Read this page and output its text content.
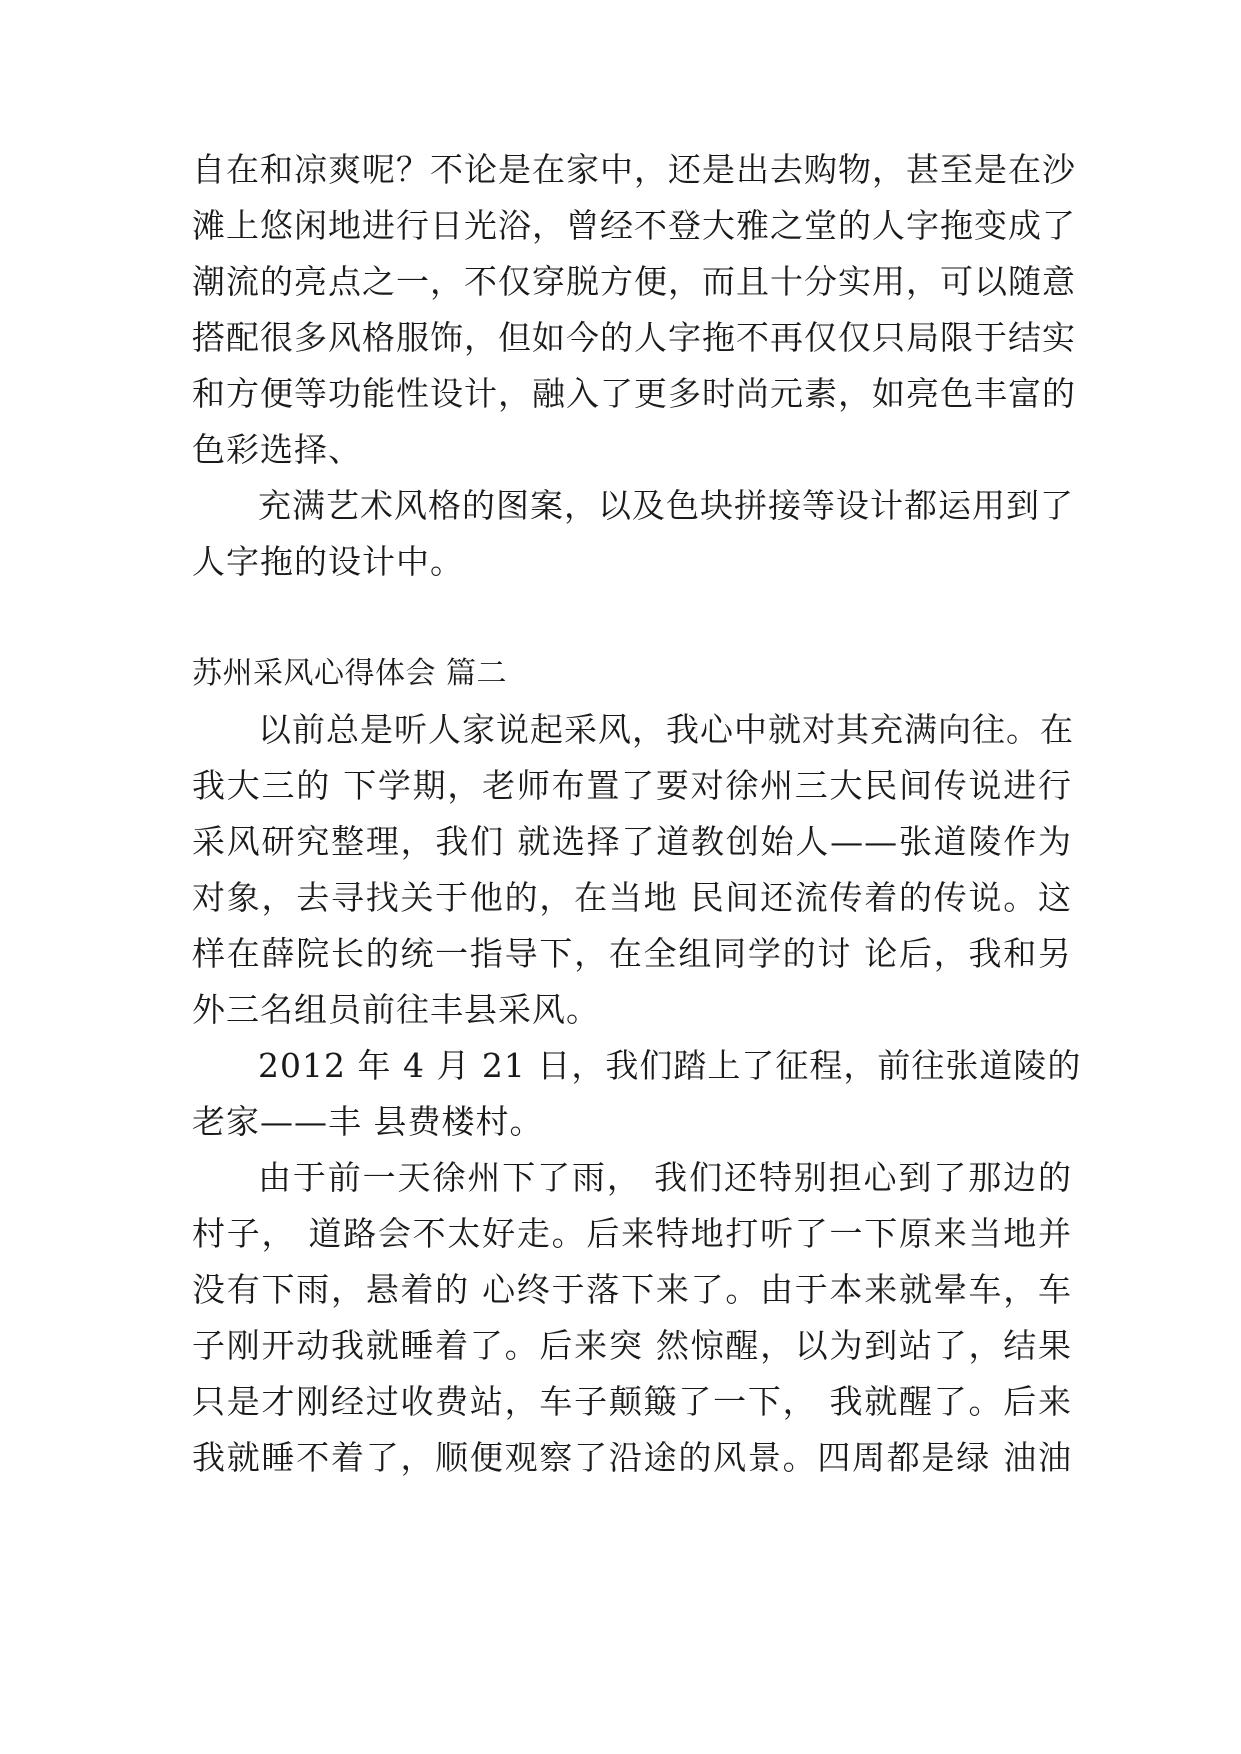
自在和凉爽呢？不论是在家中，还是出去购物，甚至是在沙
滩上悠闲地进行日光浴，曾经不登大雅之堂的人字拖变成了
潮流的亮点之一，不仅穿脱方便，而且十分实用，可以随意
搭配很多风格服饰，但如今的人字拖不再仅仅只局限于结实
和方便等功能性设计，融入了更多时尚元素，如亮色丰富的
色彩选择、
充满艺术风格的图案，以及色块拼接等设计都运用到了
人字拖的设计中。
苏州采风心得体会 篇二
以前总是听人家说起采风，我心中就对其充满向往。在
我大三的 下学期，老师布置了要对徐州三大民间传说进行
采风研究整理，我们 就选择了道教创始人——张道陵作为
对象，去寻找关于他的，在当地 民间还流传着的传说。这
样在薛院长的统一指导下，在全组同学的讨 论后，我和另
外三名组员前往丰县采风。
2012 年 4 月 21 日，我们踏上了征程，前往张道陵的
老家——丰 县费楼村。
由于前一天徐州下了雨， 我们还特别担心到了那边的
村子， 道路会不太好走。后来特地打听了一下原来当地并
没有下雨，悬着的 心终于落下来了。由于本来就晕车，车
子刚开动我就睡着了。后来突 然惊醒，以为到站了，结果
只是才刚经过收费站，车子颠簸了一下， 我就醒了。后来
我就睡不着了，顺便观察了沿途的风景。四周都是绿 油油
